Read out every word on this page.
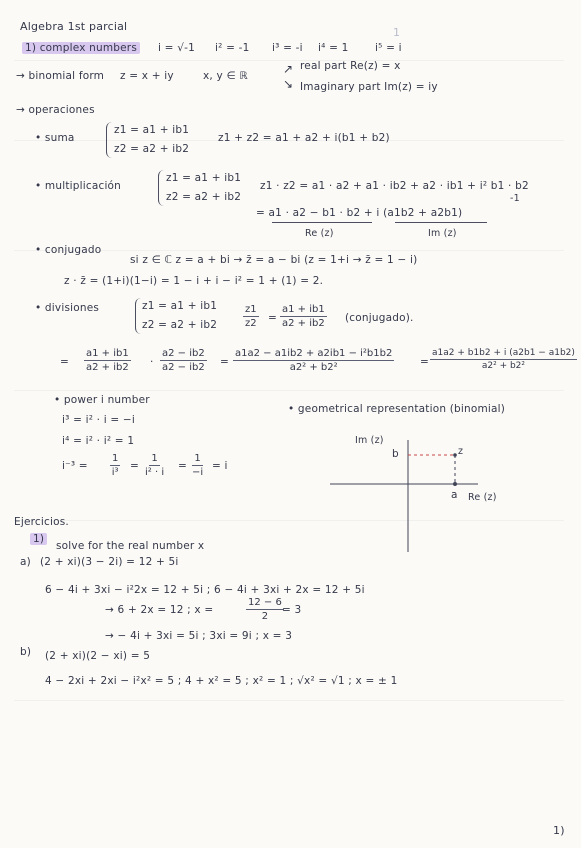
Algebra 1st parcial	1
1) complex numbers i = √-1 i² = -1 i³ = -i i⁴ = 1	i⁵ = i
→ binomial form z = x + iy	x, y ∈ ℝ	↗
↘
real part Re(z) = x
Imaginary part Im(z) = iy
→ operaciones
• suma
z1 = a1 + ib1
z2 = a2 + ib2
z1 + z2 = a1 + a2 + i(b1 + b2)
• multiplicación
z1 = a1 + ib1
z2 = a2 + ib2
z1 · z2 = a1 · a2 + a1 · ib2 + a2 · ib1 + i² b1 · b2
-1
= a1 · a2 − b1 · b2 + i (a1b2 + a2b1)
Re (z)	Im (z)
• conjugado
si z ∈ ℂ z = a + bi → z̄ = a − bi (z = 1+i → z̄ = 1 − i)
z · z̄ = (1+i)(1−i) = 1 − i + i − i² = 1 + (1) = 2.
• divisiones	z1 = a1 + ib1
z2 = a2 + ib2	$\frac{z1}{z2} = \frac{a1 + ib1}{a2 + ib2}$ (conjugado).
= $\frac{a1 + ib1}{a2 + ib2} \cdot \frac{a2 - ib2}{a2 - ib2} = \frac{\text{a1a2 − a1ib2 + a2ib1 − i²b1b2}}{\text{a2² + b2²}} = \frac{a1a2 + b1b2 + i (a2b1 - a1b2)}{\text{a2² + b2²}}$
• power i number
i³ = i² · i = −i
i⁴ = i² · i² = 1
$i^{-3} = \frac{1}{\text{i³}} = \frac{1}{\text{i² · i}} = \frac{1}{-i} = i$
• geometrical representation (binomial)
Im (z)
b	z
a Re (z)
Ejercicios.
1)
solve for the real number x
a) (2 + xi)(3 − 2i) = 12 + 5i
6 − 4i + 3xi − i²2x = 12 + 5i ; 6 − 4i + 3xi + 2x = 12 + 5i
→ 6 + 2x = 12 ; x =	$\frac{12 - 6}{2}$
= 3
→ − 4i + 3xi = 5i ; 3xi = 9i ; x = 3
b) (2 + xi)(2 − xi) = 5
4 − 2xi + 2xi − i²x² = 5 ; 4 + x² = 5 ; x² = 1 ; √x² = √1 ; x = ± 1
1)
